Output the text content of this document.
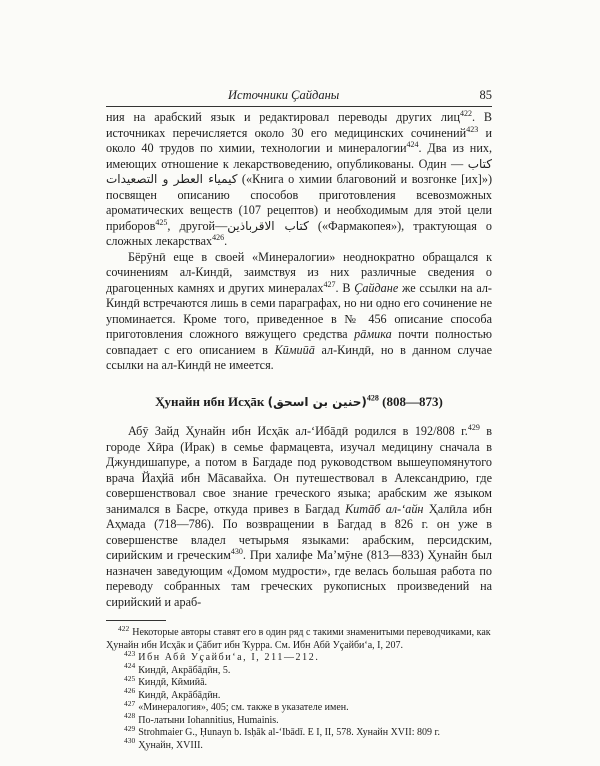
Источники Ҫайданы	85

ния на арабский язык и редактировал переводы других лиц$^{422}$. В источниках перечисляется около 30 его медицинских сочинений$^{423}$ и около 40 трудов по химии, технологии и минералогии$^{424}$. Два из них, имеющих отношение к лекарствоведению, опубликованы. Один — كتاب كيمياء العطر و التصعيدات («Книга о химии благовоний и возгонке [их]») посвящен описанию способов приготовления всевозможных ароматических веществ (107 рецептов) и необходимым для этой цели приборов$^{425}$, другой—كتاب الاقرباذين («Фармакопея»), трактующая о сложных лекарствах$^{426}$.

Бёрӯнӣ еще в своей «Минералогии» неоднократно обращался к сочинениям ал-Киндӣ, заимствуя из них различные сведения о драгоценных камнях и других минералах$^{427}$. В Ҫайдане же ссылки на ал-Киндӣ встречаются лишь в семи параграфах, но ни одно его сочинение не упоминается. Кроме того, приведенное в № 456 описание способа приготовления сложного вяжущего средства рāмика почти полностью совпадает с его описанием в Кӣмиӣā ал-Киндӣ, но в данном случае ссылки на ал-Киндӣ не имеется.

Ҳунайн ибн Исҳāк (حنين بن اسحق)$^{428}$ (808—873)

Абӯ Зайд Ҳунайн ибн Исҳāк ал-ʻИбāдӣ родился в 192/808 г.$^{429}$ в городе Хӣра (Ирак) в семье фармацевта, изучал медицину сначала в Джундишапуре, а потом в Багдаде под руководством вышеупомянутого врача Йаҳйā ибн Мāсавайха. Он путешествовал в Александрию, где совершенствовал свое знание греческого языка; арабским же языком занимался в Басре, откуда привез в Багдад Китāб ал-ʻайн Ҳалӣла ибн Аҳмада (718—786). По возвращении в Багдад в 826 г. он уже в совершенстве владел четырьмя языками: арабским, персидским, сирийским и греческим$^{430}$. При халифе Маʼмӯне (813—833) Ҳунайн был назначен заведующим «Домом мудрости», где велась большая работа по переводу собранных там греческих рукописных произведений на сирийский и араб-

$^{422}$ Некоторые авторы ставят его в один ряд с такими знаменитыми переводчиками, как Ҳунайн ибн Исҳāк и Ҫāбит ибн Ҡурра. См. Ибн Абӣ Уҫайбиʻа, I, 207.

$^{423}$ Ибн Абӣ Уҫайбиʻа, I, 211—212.

$^{424}$ Киндӣ, Акрāбāдӣн, 5.

$^{425}$ Киндӣ, Кӣмиӣā.

$^{426}$ Киндӣ, Акрāбāдӣн.

$^{427}$ «Минералогия», 405; см. также в указателе имен.

$^{428}$ По-латыни Iohannitius, Humainis.

$^{429}$ Strohmaier G., Ḥunayn b. Isḥāk al-ʻIbādī. E I, II, 578. Хунайн XVII: 809 г.

$^{430}$ Ҳунайн, XVIII.
